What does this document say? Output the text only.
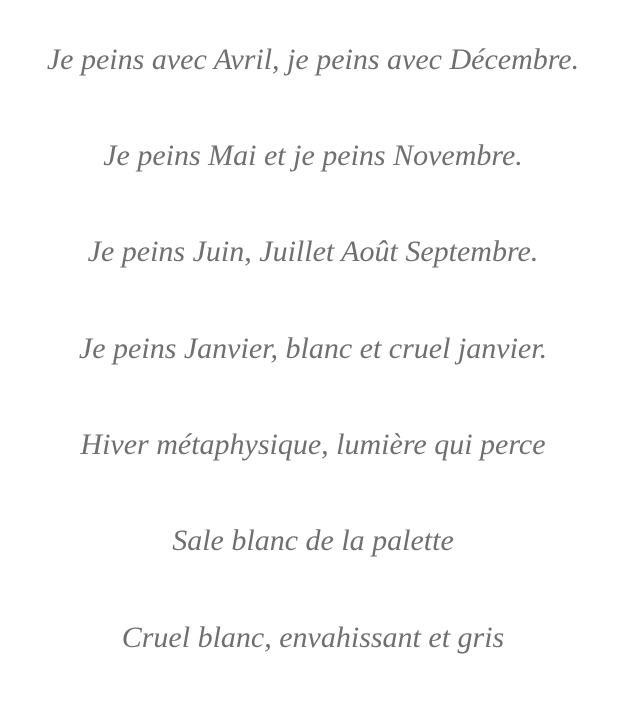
Je peins avec Avril, je peins avec Décembre.
Je peins Mai et je peins Novembre.
Je peins Juin, Juillet Août Septembre.
Je peins Janvier, blanc et cruel janvier.
Hiver métaphysique, lumière qui perce
Sale blanc de la palette
Cruel blanc, envahissant et gris
